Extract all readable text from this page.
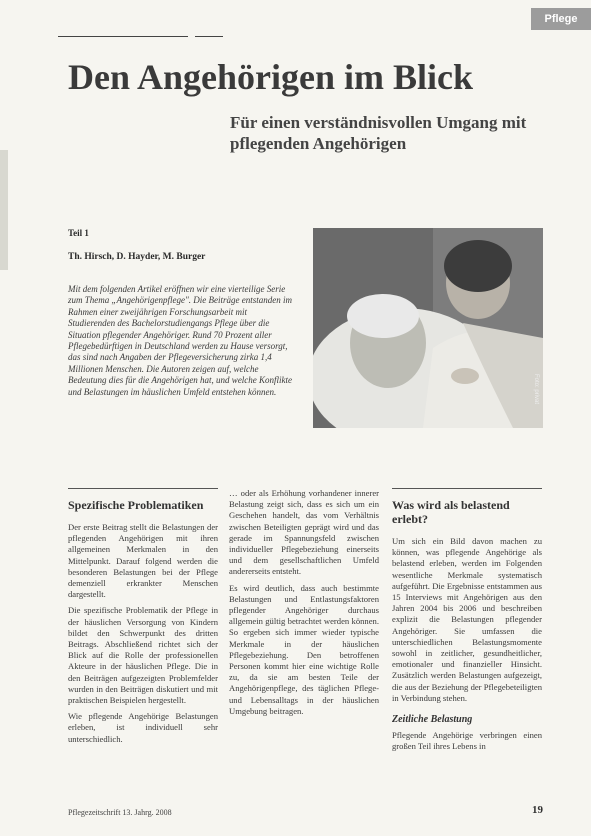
Pflege
Den Angehörigen im Blick
Für einen verständnisvollen Umgang mit pflegenden Angehörigen
Teil 1
Th. Hirsch, D. Hayder, M. Burger
Mit dem folgenden Artikel eröffnen wir eine vierteilige Serie zum Thema „Angehörigenpflege". Die Beiträge entstanden im Rahmen einer zweijährigen Forschungsarbeit mit Studierenden des Bachelorstudiengangs Pflege über die Situation pflegender Angehöriger. Rund 70 Prozent aller Pflegebedürftigen in Deutschland werden zu Hause versorgt, das sind nach Angaben der Pflegeversicherung zirka 1,4 Millionen Menschen. Die Autoren zeigen auf, welche Bedeutung dies für die Angehörigen hat, und welche Konflikte und Belastungen im häuslichen Umfeld entstehen können.	Foto: privat
Spezifische Problematiken

Der erste Beitrag stellt die Belastungen der pflegenden Angehörigen mit ihren allgemeinen Merkmalen in den Mittelpunkt. Darauf folgend werden die besonderen Belastungen bei der Pflege demenziell erkrankter Menschen dargestellt.

Die spezifische Problematik der Pflege in der häuslichen Versorgung von Kindern bildet den Schwerpunkt des dritten Beitrags. Abschließend richtet sich der Blick auf die Rolle der professionellen Akteure in der häuslichen Pflege. Die in den Beiträgen aufgezeigten Problemfelder wurden in den Beiträgen diskutiert und mit praktischen Beispielen hergestellt.

Wie pflegende Angehörige Belastungen erleben, ist individuell sehr unterschiedlich.

… oder als Erhöhung vorhandener innerer Belastung zeigt sich, dass es sich um ein Geschehen handelt, das vom Verhältnis zwischen Beteiligten geprägt wird und das gerade im Spannungsfeld zwischen individueller Pflegebeziehung einerseits und dem gesellschaftlichen Umfeld andererseits entsteht.

Es wird deutlich, dass auch bestimmte Belastungen und Entlastungsfaktoren pflegender Angehöriger durchaus allgemein gültig betrachtet werden können. So ergeben sich immer wieder typische Merkmale in der häuslichen Pflegebeziehung. Den betroffenen Personen kommt hier eine wichtige Rolle zu, da sie am besten Teile der Angehörigenpflege, des täglichen Pflege- und Lebensalltags in der häuslichen Umgebung beitragen.

Was wird als belastend erlebt?

Um sich ein Bild davon machen zu können, was pflegende Angehörige als belastend erleben, werden im Folgenden wesentliche Merkmale systematisch aufgeführt. Die Ergebnisse entstammen aus 15 Interviews mit Angehörigen aus den Jahren 2004 bis 2006 und beschreiben explizit die Belastungen pflegender Angehöriger. Sie umfassen die unterschiedlichen Belastungsmomente sowohl in zeitlicher, gesundheitlicher, emotionaler und finanzieller Hinsicht. Zusätzlich werden Belastungen aufgezeigt, die aus der Beziehung der Pflegebeteiligten in Verbindung stehen.

Zeitliche Belastung
Pflegende Angehörige verbringen einen großen Teil ihres Lebens in
Pflegezeitschrift 13. Jahrg. 2008	19
